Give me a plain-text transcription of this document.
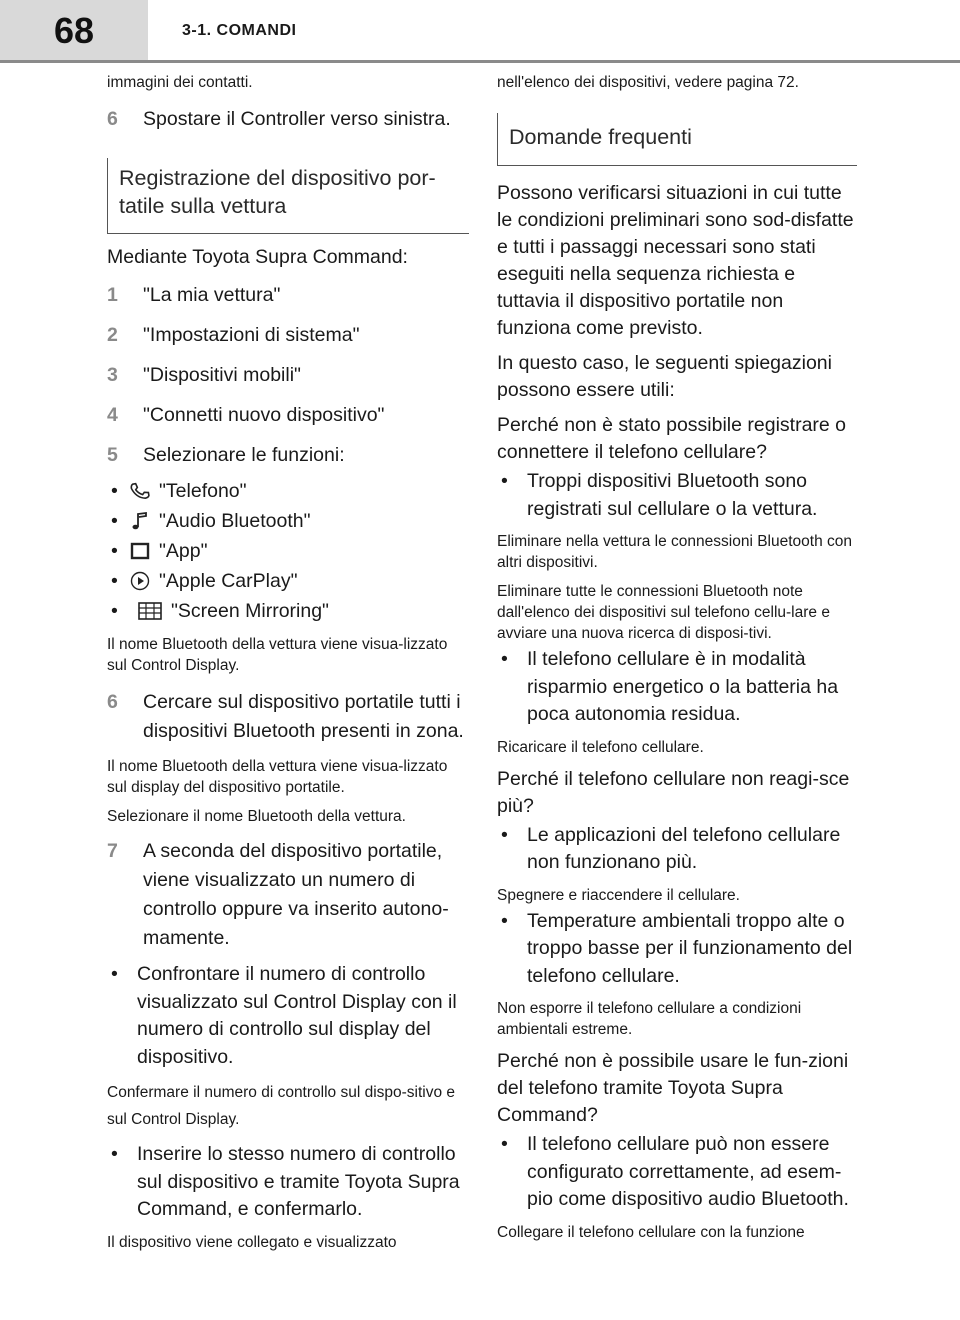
68	3-1. COMANDI

immagini dei contatti.

6	Spostare il Controller verso sinistra.
Registrazione del dispositivo por-tatile sulla vettura

Mediante Toyota Supra Command:

1	"La mia vettura"
2	"Impostazioni di sistema"
3	"Dispositivi mobili"
4	"Connetti nuovo dispositivo"
5	Selezionare le funzioni:
•	"Telefono"
•	"Audio Bluetooth"
•	"App"
•	"Apple CarPlay"
•	"Screen Mirroring"

Il nome Bluetooth della vettura viene visua-lizzato sul Control Display.

6	Cercare sul dispositivo portatile tutti i dispositivi Bluetooth presenti in zona.

Il nome Bluetooth della vettura viene visua-lizzato sul display del dispositivo portatile.

Selezionare il nome Bluetooth della vettura.

7	A seconda del dispositivo portatile, viene visualizzato un numero di controllo oppure va inserito autono-mamente.
• Confrontare il numero di controllo visualizzato sul Control Display con il numero di controllo sul display del dispositivo.

Confermare il numero di controllo sul dispo-sitivo e sul Control Display.

• Inserire lo stesso numero di controllo sul dispositivo e tramite Toyota Supra Command, e confermarlo.

Il dispositivo viene collegato e visualizzato

nell'elenco dei dispositivi, vedere pagina 72.

Domande frequenti

Possono verificarsi situazioni in cui tutte le condizioni preliminari sono sod-disfatte e tutti i passaggi necessari sono stati eseguiti nella sequenza richiesta e tuttavia il dispositivo portatile non funziona come previsto.

In questo caso, le seguenti spiegazioni possono essere utili:

Perché non è stato possibile registrare o connettere il telefono cellulare?

• Troppi dispositivi Bluetooth sono registrati sul cellulare o la vettura.

Eliminare nella vettura le connessioni Bluetooth con altri dispositivi.

Eliminare tutte le connessioni Bluetooth note dall'elenco dei dispositivi sul telefono cellu-lare e avviare una nuova ricerca di disposi-tivi.

• Il telefono cellulare è in modalità risparmio energetico o la batteria ha poca autonomia residua.

Ricaricare il telefono cellulare.

Perché il telefono cellulare non reagi-sce più?

• Le applicazioni del telefono cellulare non funzionano più.

Spegnere e riaccendere il cellulare.

• Temperature ambientali troppo alte o troppo basse per il funzionamento del telefono cellulare.

Non esporre il telefono cellulare a condizioni ambientali estreme.

Perché non è possibile usare le fun-zioni del telefono tramite Toyota Supra Command?

• Il telefono cellulare può non essere configurato correttamente, ad esem-pio come dispositivo audio Bluetooth.

Collegare il telefono cellulare con la funzione
